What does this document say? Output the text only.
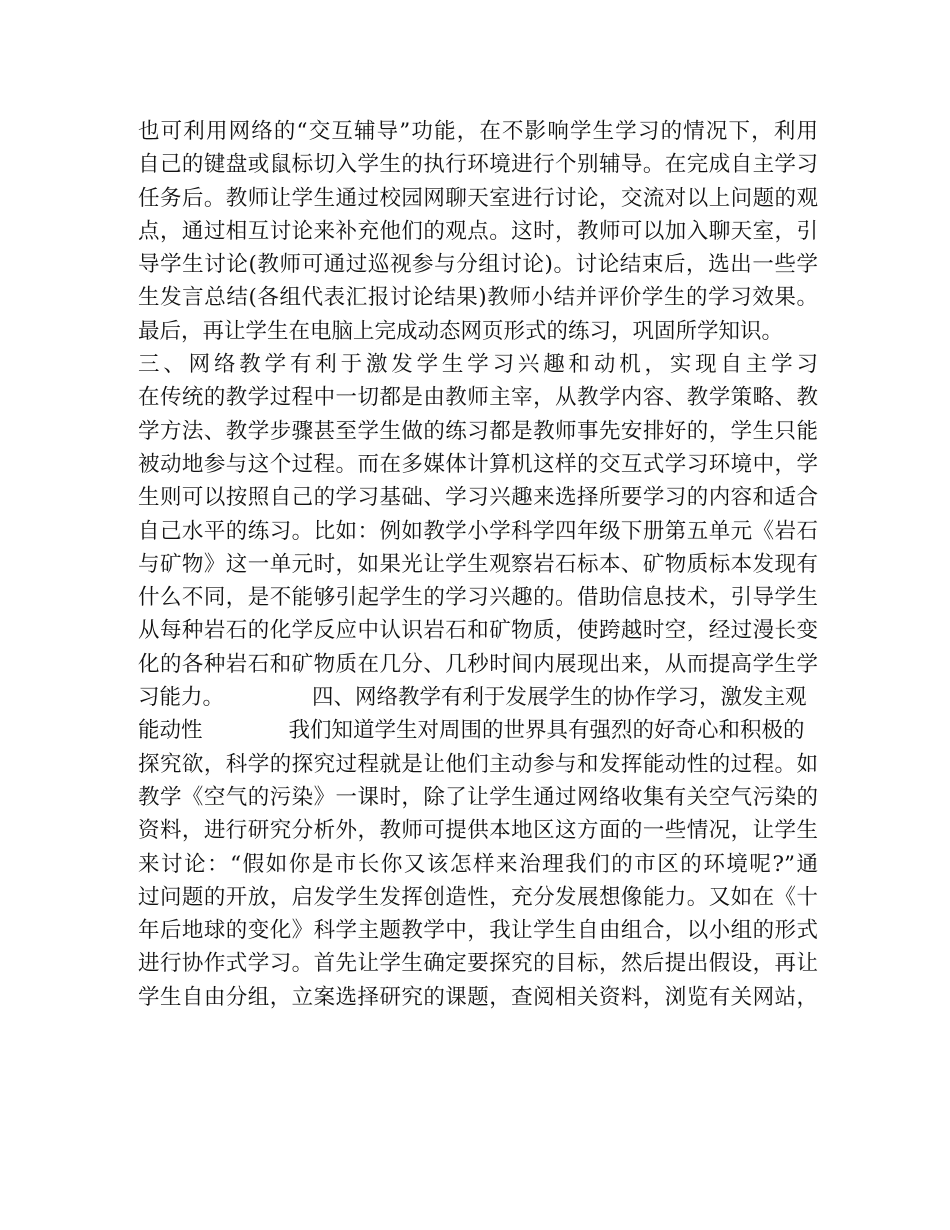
也可利用网络的“交互辅导”功能，在不影响学生学习的情况下，利用
自己的键盘或鼠标切入学生的执行环境进行个别辅导。在完成自主学习
任务后。教师让学生通过校园网聊天室进行讨论，交流对以上问题的观
点，通过相互讨论来补充他们的观点。这时，教师可以加入聊天室，引
导学生讨论(教师可通过巡视参与分组讨论)。讨论结束后，选出一些学
生发言总结(各组代表汇报讨论结果)教师小结并评价学生的学习效果。
最后，再让学生在电脑上完成动态网页形式的练习，巩固所学知识。
三、网络教学有利于激发学生学习兴趣和动机，实现自主学习
在传统的教学过程中一切都是由教师主宰，从教学内容、教学策略、教
学方法、教学步骤甚至学生做的练习都是教师事先安排好的，学生只能
被动地参与这个过程。而在多媒体计算机这样的交互式学习环境中，学
生则可以按照自己的学习基础、学习兴趣来选择所要学习的内容和适合
自己水平的练习。比如：例如教学小学科学四年级下册第五单元《岩石
与矿物》这一单元时，如果光让学生观察岩石标本、矿物质标本发现有
什么不同，是不能够引起学生的学习兴趣的。借助信息技术，引导学生
从每种岩石的化学反应中认识岩石和矿物质，使跨越时空，经过漫长变
化的各种岩石和矿物质在几分、几秒时间内展现出来，从而提高学生学
习能力。	四、网络教学有利于发展学生的协作学习，激发主观
能动性	我们知道学生对周围的世界具有强烈的好奇心和积极的
探究欲，科学的探究过程就是让他们主动参与和发挥能动性的过程。如
教学《空气的污染》一课时，除了让学生通过网络收集有关空气污染的
资料，进行研究分析外，教师可提供本地区这方面的一些情况，让学生
来讨论：“假如你是市长你又该怎样来治理我们的市区的环境呢?”通
过问题的开放，启发学生发挥创造性，充分发展想像能力。又如在《十
年后地球的变化》科学主题教学中，我让学生自由组合，以小组的形式
进行协作式学习。首先让学生确定要探究的目标，然后提出假设，再让
学生自由分组，立案选择研究的课题，查阅相关资料，浏览有关网站，
